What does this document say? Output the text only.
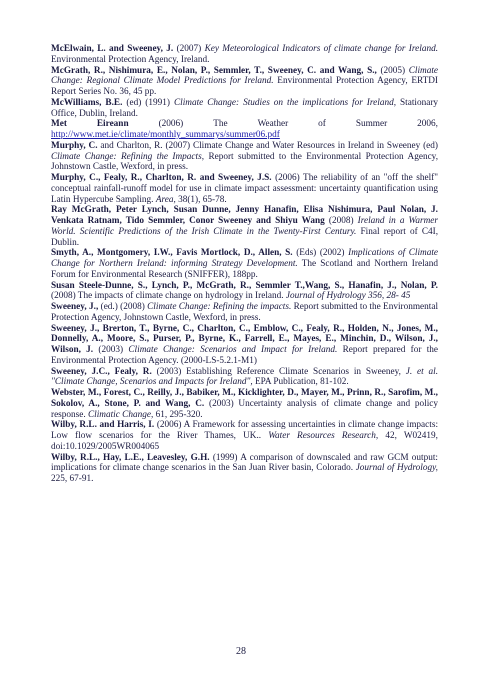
McElwain, L. and Sweeney, J. (2007) Key Meteorological Indicators of climate change for Ireland. Environmental Protection Agency, Ireland.

McGrath, R., Nishimura, E., Nolan, P., Semmler, T., Sweeney, C. and Wang, S., (2005) Climate Change: Regional Climate Model Predictions for Ireland. Environmental Protection Agency, ERTDI Report Series No. 36, 45 pp.

McWilliams, B.E. (ed) (1991) Climate Change: Studies on the implications for Ireland, Stationary Office, Dublin, Ireland.

Met	Eireann	(2006)	The	Weather	of	Summer	2006,
http://www.met.ie/climate/monthly_summarys/summer06.pdf

Murphy, C. and Charlton, R. (2007) Climate Change and Water Resources in Ireland in Sweeney (ed) Climate Change: Refining the Impacts, Report submitted to the Environmental Protection Agency, Johnstown Castle, Wexford, in press.

Murphy, C., Fealy, R., Charlton, R. and Sweeney, J.S. (2006) The reliability of an "off the shelf" conceptual rainfall-runoff model for use in climate impact assessment: uncertainty quantification using Latin Hypercube Sampling. Area, 38(1), 65-78.

Ray McGrath, Peter Lynch, Susan Dunne, Jenny Hanafin, Elisa Nishimura, Paul Nolan, J. Venkata Ratnam, Tido Semmler, Conor Sweeney and Shiyu Wang (2008) Ireland in a Warmer World. Scientific Predictions of the Irish Climate in the Twenty-First Century. Final report of C4I, Dublin.

Smyth, A., Montgomery, I.W., Favis Mortlock, D., Allen, S. (Eds) (2002) Implications of Climate Change for Northern Ireland: informing Strategy Development. The Scotland and Northern Ireland Forum for Environmental Research (SNIFFER), 188pp.

Susan Steele-Dunne, S., Lynch, P., McGrath, R., Semmler T.,Wang, S., Hanafin, J., Nolan, P. (2008) The impacts of climate change on hydrology in Ireland. Journal of Hydrology 356, 28- 45

Sweeney, J., (ed.) (2008) Climate Change: Refining the impacts. Report submitted to the Environmental Protection Agency, Johnstown Castle, Wexford, in press.

Sweeney, J., Brerton, T., Byrne, C., Charlton, C., Emblow, C., Fealy, R., Holden, N., Jones, M., Donnelly, A., Moore, S., Purser, P., Byrne, K., Farrell, E., Mayes, E., Minchin, D., Wilson, J., Wilson, J. (2003) Climate Change: Scenarios and Impact for Ireland. Report prepared for the Environmental Protection Agency. (2000-LS-5.2.1-M1)

Sweeney, J.C., Fealy, R. (2003) Establishing Reference Climate Scenarios in Sweeney, J. et al. "Climate Change, Scenarios and Impacts for Ireland", EPA Publication, 81-102.

Webster, M., Forest, C., Reilly, J., Babiker, M., Kicklighter, D., Mayer, M., Prinn, R., Sarofim, M., Sokolov, A., Stone, P. and Wang, C. (2003) Uncertainty analysis of climate change and policy response. Climatic Change, 61, 295-320.

Wilby, R.L. and Harris, I. (2006) A Framework for assessing uncertainties in climate change impacts: Low flow scenarios for the River Thames, UK.. Water Resources Research, 42, W02419, doi:10.1029/2005WR004065

Wilby, R.L., Hay, L.E., Leavesley, G.H. (1999) A comparison of downscaled and raw GCM output: implications for climate change scenarios in the San Juan River basin, Colorado. Journal of Hydrology, 225, 67-91.

28
